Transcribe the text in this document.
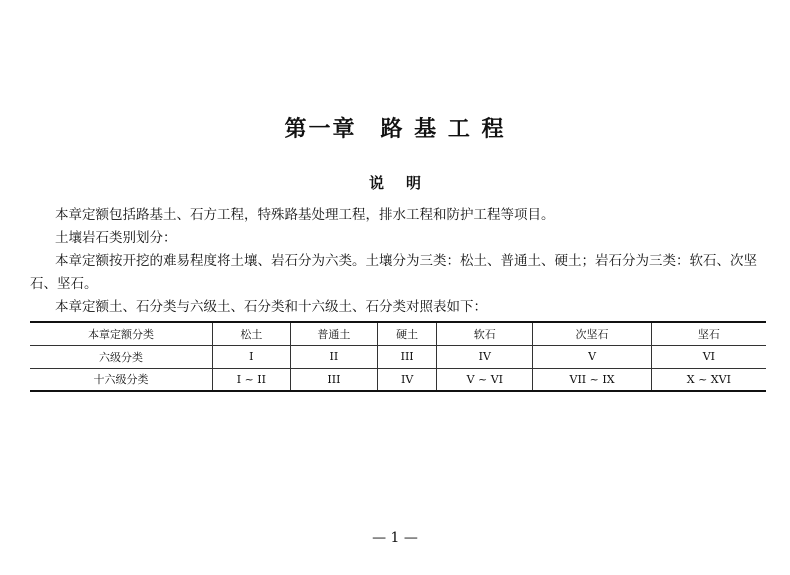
第一章　路 基 工 程
说明

本章定额包括路基土、石方工程，特殊路基处理工程，排水工程和防护工程等项目。

土壤岩石类别划分：

本章定额按开挖的难易程度将土壤、岩石分为六类。土壤分为三类：松土、普通土、硬土；岩石分为三类：软石、次坚石、坚石。

本章定额土、石分类与六级土、石分类和十六级土、石分类对照表如下：

本章定额分类	松土	普通土	硬土	软石	次坚石	坚石
六级分类	I	II	III	IV	V	VI
十六级分类	I ~ II	III	IV	V ~ VI	VII ~ IX	X ~ XVI
— 1 —
